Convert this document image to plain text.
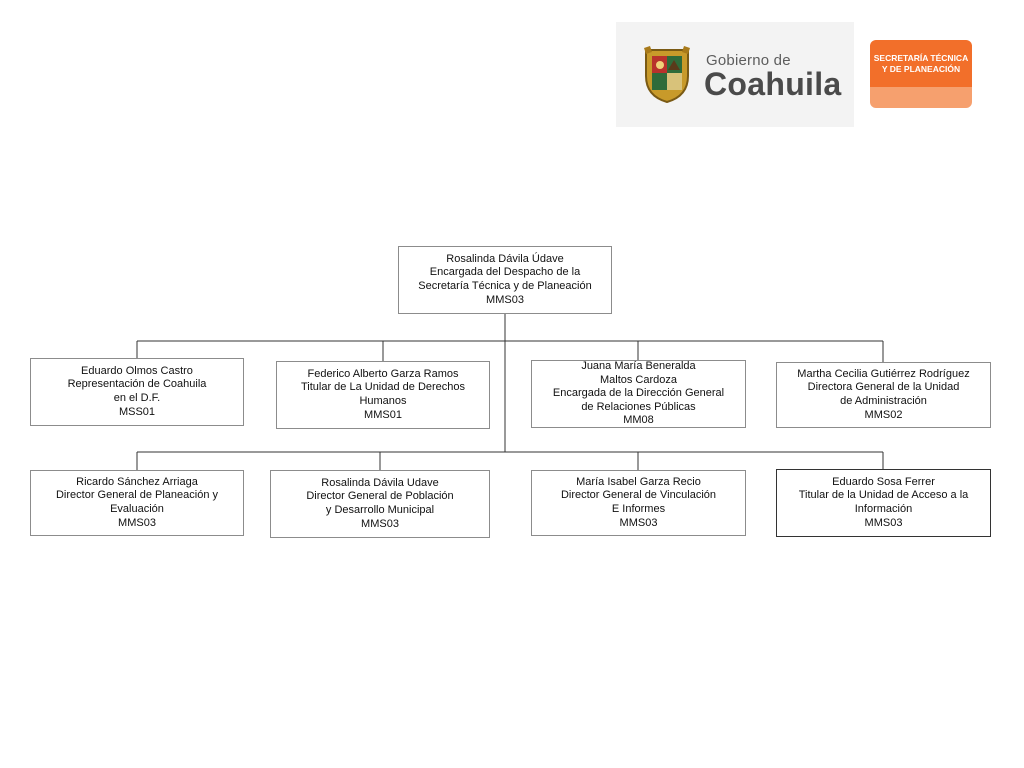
Gobierno de
Coahuila
SECRETARÍA TÉCNICA
Y DE PLANEACIÓN
Rosalinda Dávila Údave
Encargada del Despacho de la
Secretaría Técnica y de Planeación
MMS03
Eduardo Olmos Castro
Representación de Coahuila
en el D.F.
MSS01
Federico Alberto Garza Ramos
Titular de La Unidad de Derechos
Humanos
MMS01
Juana María Beneralda
Maltos Cardoza
Encargada de la Dirección General
de Relaciones Públicas
MM08
Martha Cecilia Gutiérrez Rodríguez
Directora General de la Unidad
de Administración
MMS02
Ricardo Sánchez Arriaga
Director General de Planeación y
Evaluación
MMS03
Rosalinda Dávila Udave
Director General de Población
y Desarrollo Municipal
MMS03
María Isabel Garza Recio
Director General de Vinculación
E Informes
MMS03
Eduardo Sosa Ferrer
Titular de la Unidad de Acceso a la
Información
MMS03
